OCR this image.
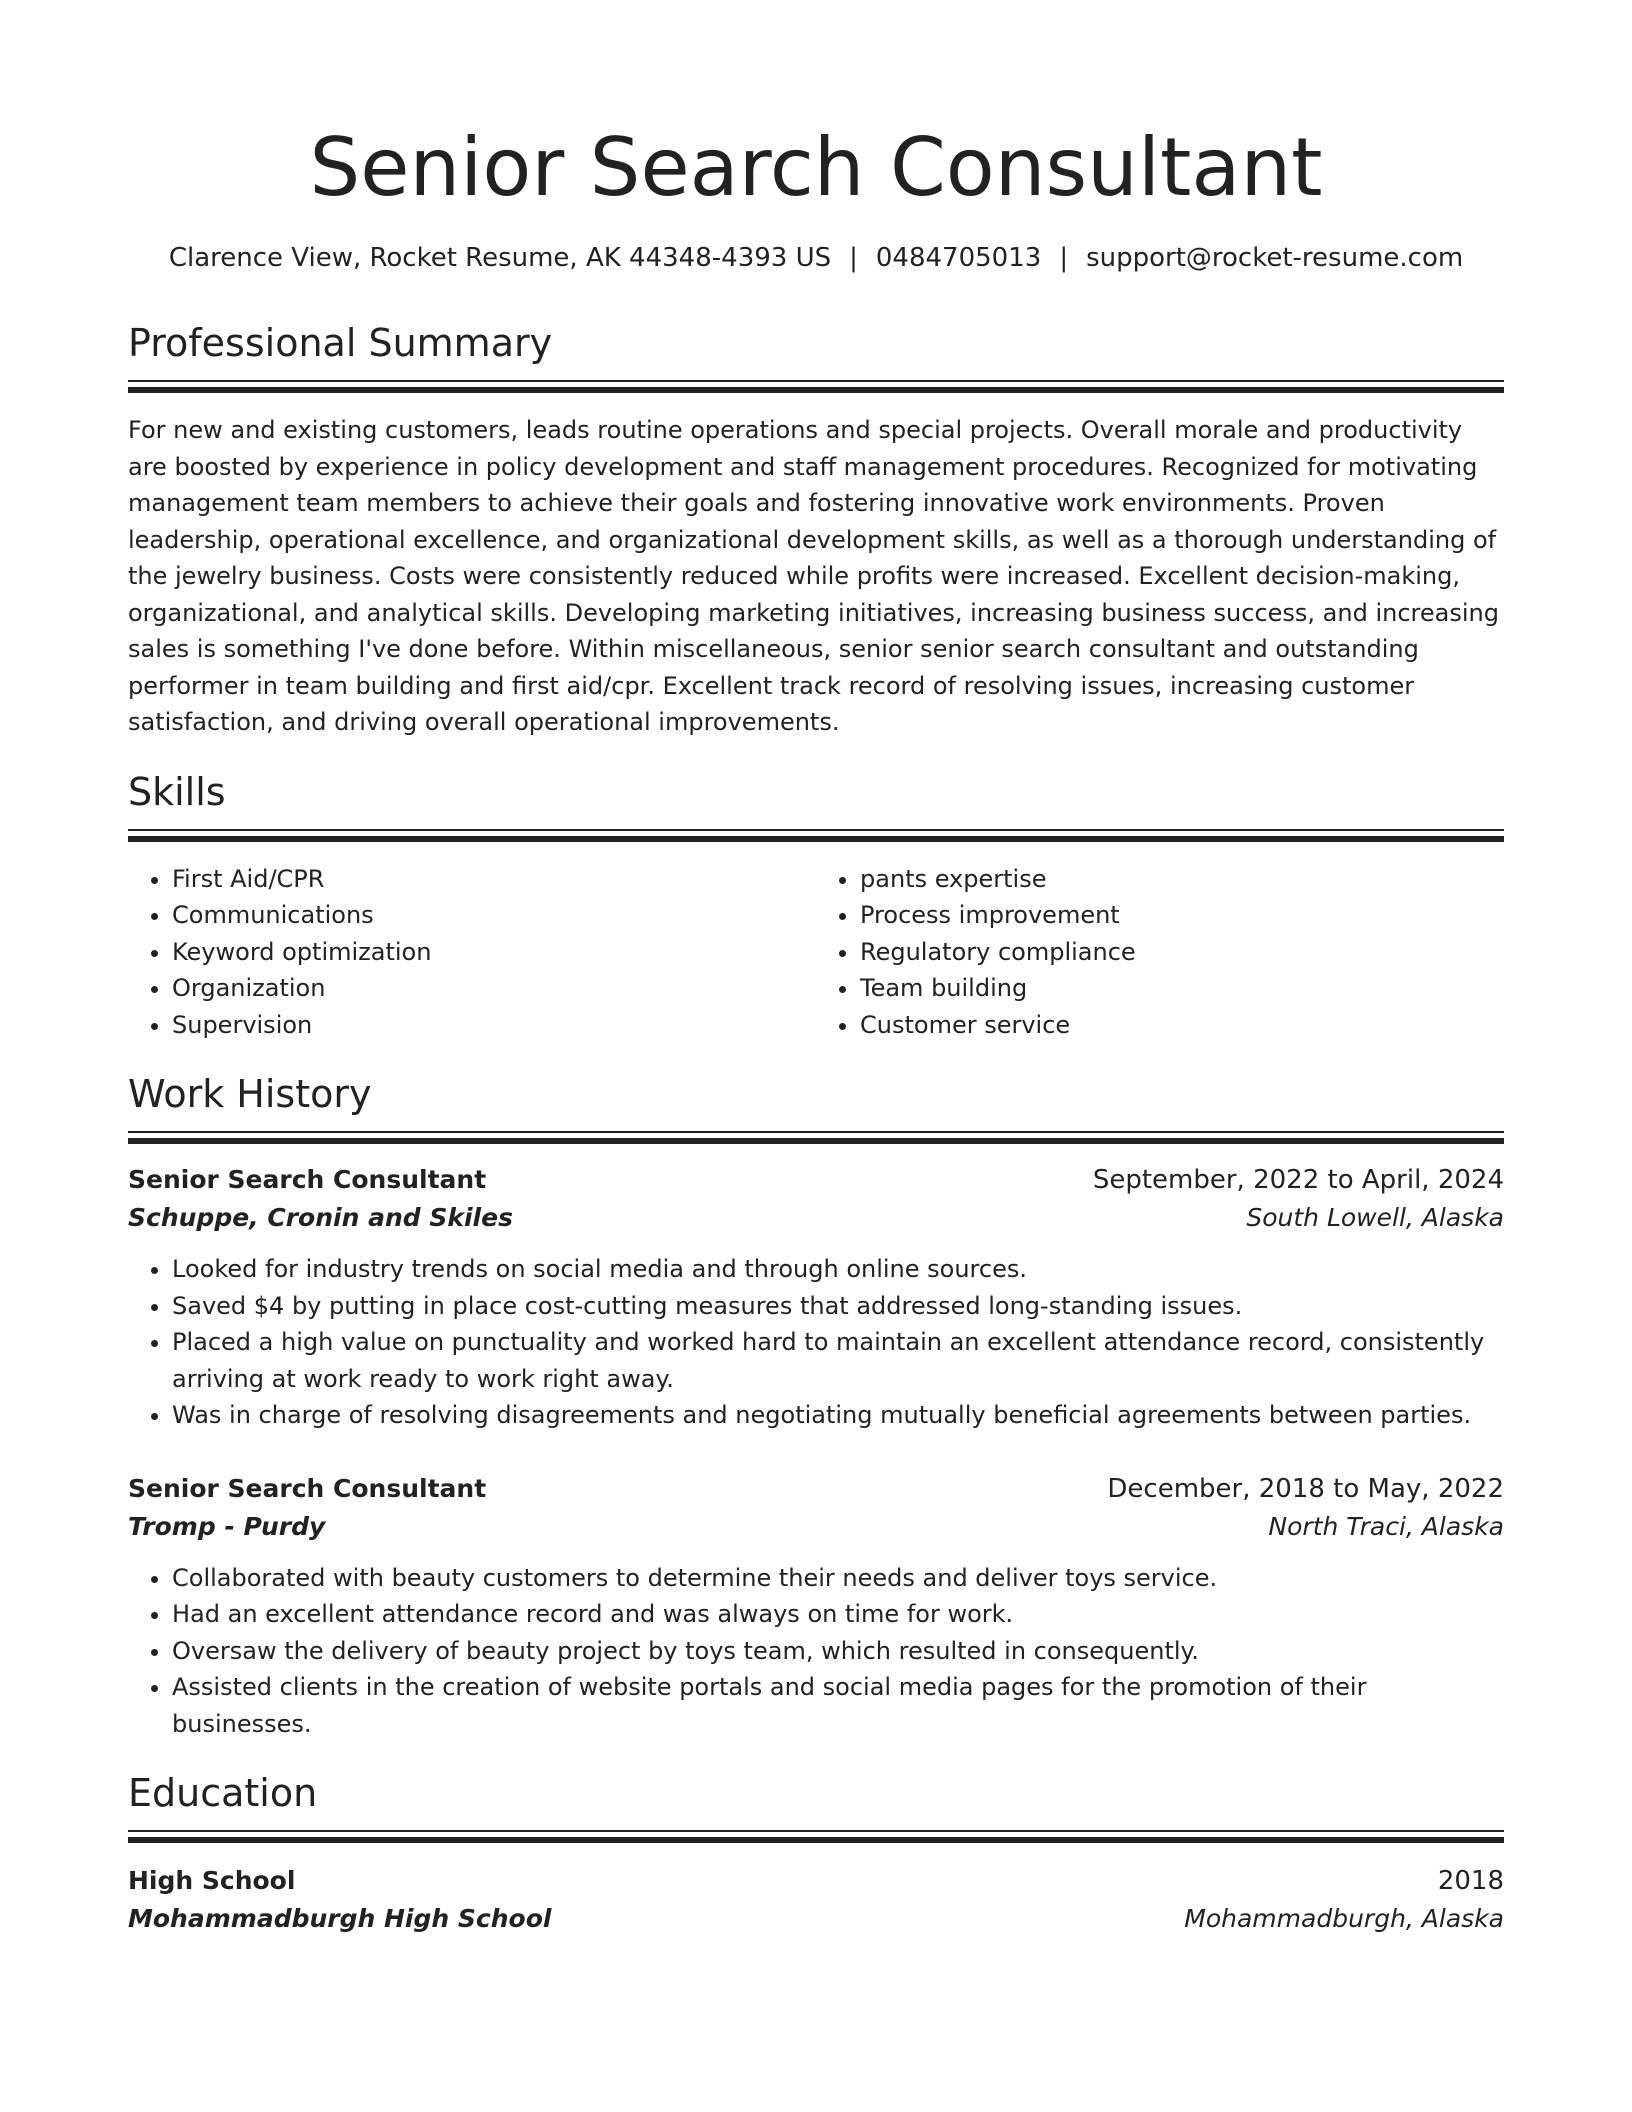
Senior Search Consultant
Clarence View, Rocket Resume, AK 44348-4393 US | 0484705013 | support@rocket-resume.com
Professional Summary
For new and existing customers, leads routine operations and special projects. Overall morale and productivity are boosted by experience in policy development and staff management procedures. Recognized for motivating management team members to achieve their goals and fostering innovative work environments. Proven leadership, operational excellence, and organizational development skills, as well as a thorough understanding of the jewelry business. Costs were consistently reduced while profits were increased. Excellent decision-making, organizational, and analytical skills. Developing marketing initiatives, increasing business success, and increasing sales is something I've done before. Within miscellaneous, senior senior search consultant and outstanding performer in team building and first aid/cpr. Excellent track record of resolving issues, increasing customer satisfaction, and driving overall operational improvements.
Skills
• First Aid/CPR
• Communications
• Keyword optimization
• Organization
• Supervision
• pants expertise
• Process improvement
• Regulatory compliance
• Team building
• Customer service
Work History
Senior Search Consultant	September, 2022 to April, 2024
Schuppe, Cronin and Skiles	South Lowell, Alaska
• Looked for industry trends on social media and through online sources.
• Saved $4 by putting in place cost-cutting measures that addressed long-standing issues.
• Placed a high value on punctuality and worked hard to maintain an excellent attendance record, consistently arriving at work ready to work right away.
• Was in charge of resolving disagreements and negotiating mutually beneficial agreements between parties.
Senior Search Consultant	December, 2018 to May, 2022
Tromp - Purdy	North Traci, Alaska
• Collaborated with beauty customers to determine their needs and deliver toys service.
• Had an excellent attendance record and was always on time for work.
• Oversaw the delivery of beauty project by toys team, which resulted in consequently.
• Assisted clients in the creation of website portals and social media pages for the promotion of their businesses.
Education
High School	2018
Mohammadburgh High School	Mohammadburgh, Alaska
